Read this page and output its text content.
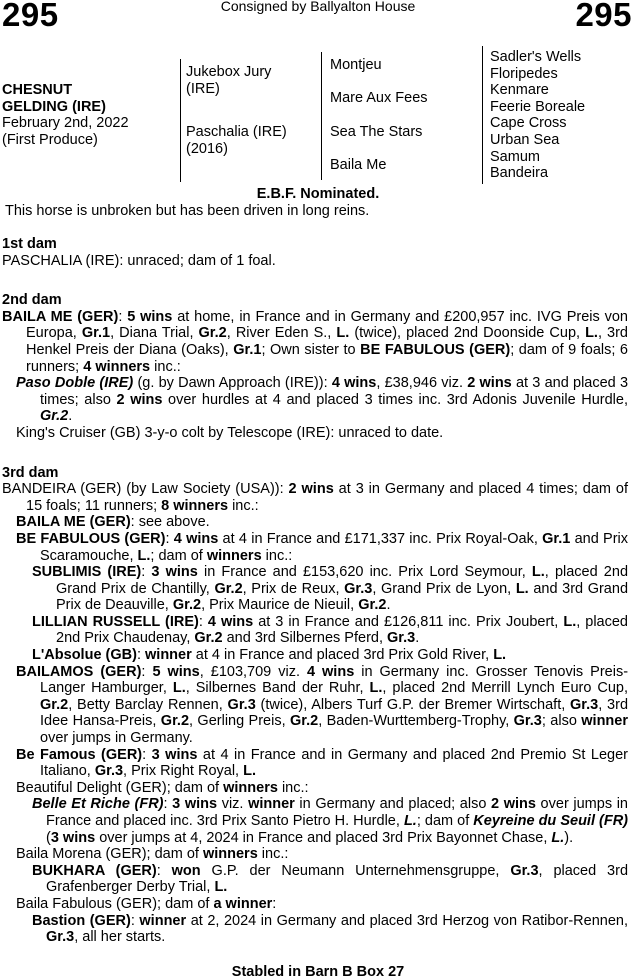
295	Consigned by Ballyalton House	295
CHESNUT
GELDING (IRE)
February 2nd, 2022
(First Produce)
Jukebox Jury
(IRE)
Paschalia (IRE)
(2016)
Montjeu
Mare Aux Fees
Sea The Stars
Baila Me
Sadler's Wells
Floripedes
Kenmare
Feerie Boreale
Cape Cross
Urban Sea
Samum
Bandeira
E.B.F. Nominated.
This horse is unbroken but has been driven in long reins.
1st dam
PASCHALIA (IRE): unraced; dam of 1 foal.
2nd dam
BAILA ME (GER): 5 wins at home, in France and in Germany and £200,957 inc. IVG Preis von Europa, Gr.1, Diana Trial, Gr.2, River Eden S., L. (twice), placed 2nd Doonside Cup, L., 3rd Henkel Preis der Diana (Oaks), Gr.1; Own sister to BE FABULOUS (GER); dam of 9 foals; 6 runners; 4 winners inc.:
Paso Doble (IRE) (g. by Dawn Approach (IRE)): 4 wins, £38,946 viz. 2 wins at 3 and placed 3 times; also 2 wins over hurdles at 4 and placed 3 times inc. 3rd Adonis Juvenile Hurdle, Gr.2.
King's Cruiser (GB) 3-y-o colt by Telescope (IRE): unraced to date.
3rd dam
BANDEIRA (GER) (by Law Society (USA)): 2 wins at 3 in Germany and placed 4 times; dam of 15 foals; 11 runners; 8 winners inc.:
BAILA ME (GER): see above.
BE FABULOUS (GER): 4 wins at 4 in France and £171,337 inc. Prix Royal-Oak, Gr.1 and Prix Scaramouche, L.; dam of winners inc.:
SUBLIMIS (IRE): 3 wins in France and £153,620 inc. Prix Lord Seymour, L., placed 2nd Grand Prix de Chantilly, Gr.2, Prix de Reux, Gr.3, Grand Prix de Lyon, L. and 3rd Grand Prix de Deauville, Gr.2, Prix Maurice de Nieuil, Gr.2.
LILLIAN RUSSELL (IRE): 4 wins at 3 in France and £126,811 inc. Prix Joubert, L., placed 2nd Prix Chaudenay, Gr.2 and 3rd Silbernes Pferd, Gr.3.
L'Absolue (GB): winner at 4 in France and placed 3rd Prix Gold River, L.
BAILAMOS (GER): 5 wins, £103,709 viz. 4 wins in Germany inc. Grosser Tenovis Preis-Langer Hamburger, L., Silbernes Band der Ruhr, L., placed 2nd Merrill Lynch Euro Cup, Gr.2, Betty Barclay Rennen, Gr.3 (twice), Albers Turf G.P. der Bremer Wirtschaft, Gr.3, 3rd Idee Hansa-Preis, Gr.2, Gerling Preis, Gr.2, Baden-Wurttemberg-Trophy, Gr.3; also winner over jumps in Germany.
Be Famous (GER): 3 wins at 4 in France and in Germany and placed 2nd Premio St Leger Italiano, Gr.3, Prix Right Royal, L.
Beautiful Delight (GER); dam of winners inc.:
Belle Et Riche (FR): 3 wins viz. winner in Germany and placed; also 2 wins over jumps in France and placed inc. 3rd Prix Santo Pietro H. Hurdle, L.; dam of Keyreine du Seuil (FR) (3 wins over jumps at 4, 2024 in France and placed 3rd Prix Bayonnet Chase, L.).
Baila Morena (GER); dam of winners inc.:
BUKHARA (GER): won G.P. der Neumann Unternehmensgruppe, Gr.3, placed 3rd Grafenberger Derby Trial, L.
Baila Fabulous (GER); dam of a winner:
Bastion (GER): winner at 2, 2024 in Germany and placed 3rd Herzog von Ratibor-Rennen, Gr.3, all her starts.
Stabled in Barn B Box 27
